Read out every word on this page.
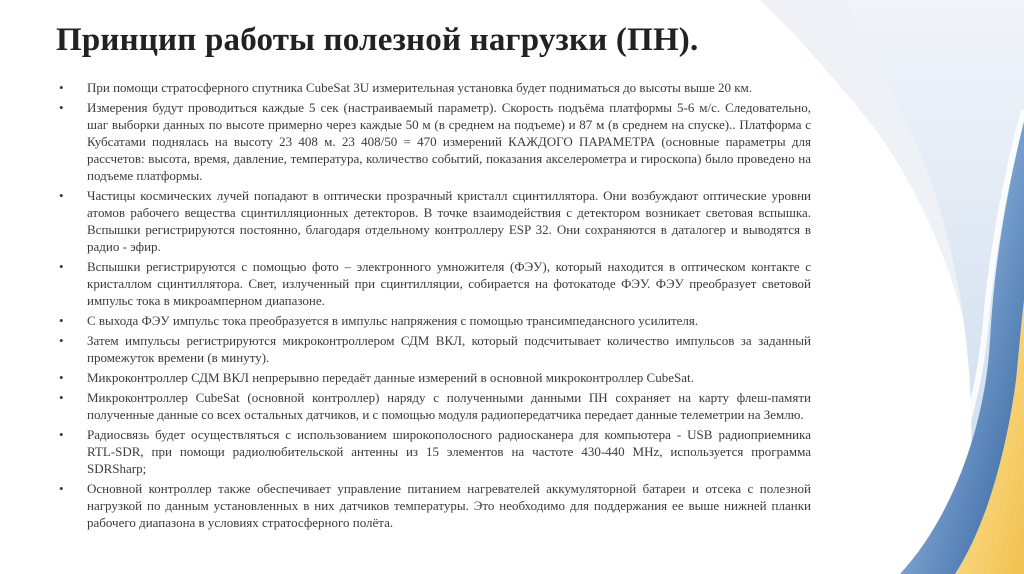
Принцип работы полезной нагрузки (ПН).
• При помощи стратосферного спутника CubeSat 3U измерительная установка будет подниматься до высоты выше 20 км.
• Измерения будут проводиться каждые 5 сек (настраиваемый параметр). Скорость подъёма платформы 5-6 м/с. Следовательно, шаг выборки данных по высоте примерно через каждые 50 м (в среднем на подъеме) и 87 м (в среднем на спуске).. Платформа с Кубсатами поднялась на высоту 23 408 м. 23 408/50 = 470 измерений КАЖДОГО ПАРАМЕТРА (основные параметры для рассчетов: высота, время, давление, температура, количество событий, показания акселерометра и гироскопа) было проведено на подъеме платформы.
• Частицы космических лучей попадают в оптически прозрачный кристалл сцинтиллятора. Они возбуждают оптические уровни атомов рабочего вещества сцинтилляционных детекторов. В точке взаимодействия с детектором возникает световая вспышка. Вспышки регистрируются постоянно, благодаря отдельному контроллеру ESP 32. Они сохраняются в даталогер и выводятся в радио - эфир.
• Вспышки регистрируются с помощью фото – электронного умножителя (ФЭУ), который находится в оптическом контакте с кристаллом сцинтиллятора. Свет, излученный при сцинтилляции, собирается на фотокатоде ФЭУ. ФЭУ преобразует световой импульс тока в микроамперном диапазоне.
• С выхода ФЭУ импульс тока преобразуется в импульс напряжения с помощью трансимпедансного усилителя.
• Затем импульсы регистрируются микроконтроллером СДМ ВКЛ, который подсчитывает количество импульсов за заданный промежуток времени (в минуту).
• Микроконтроллер СДМ ВКЛ непрерывно передаёт данные измерений в основной микроконтроллер CubeSat.
• Микроконтроллер CubeSat (основной контроллер) наряду с полученными данными ПН сохраняет на карту флеш-памяти полученные данные со всех остальных датчиков, и с помощью модуля радиопередатчика передает данные телеметрии на Землю.
• Радиосвязь будет осуществляться с использованием широкополосного радиосканера для компьютера - USB радиоприемника RTL-SDR, при помощи радиолюбительской антенны из 15 элементов на частоте 430-440 MHz, используется программа SDRSharp;
• Основной контроллер также обеспечивает управление питанием нагревателей аккумуляторной батареи и отсека с полезной нагрузкой по данным установленных в них датчиков температуры. Это необходимо для поддержания ее выше нижней планки рабочего диапазона в условиях стратосферного полёта.
